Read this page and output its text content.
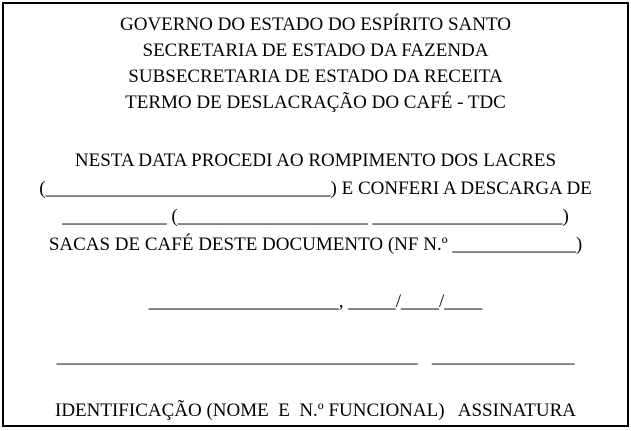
GOVERNO DO ESTADO DO ESPÍRITO SANTO
SECRETARIA DE ESTADO DA FAZENDA
SUBSECRETARIA DE ESTADO DA RECEITA
TERMO DE DESLACRAÇÃO DO CAFÉ - TDC
NESTA DATA PROCEDI AO ROMPIMENTO DOS LACRES
(______________________________) E CONFERI A DESCARGA DE
___________ (____________________ ____________________)
SACAS DE CAFÉ DESTE DOCUMENTO (NF N.º _____________)
____________________, _____/____/____
______________________________________   _______________
IDENTIFICAÇÃO (NOME  E  N.º FUNCIONAL)   ASSINATURA
